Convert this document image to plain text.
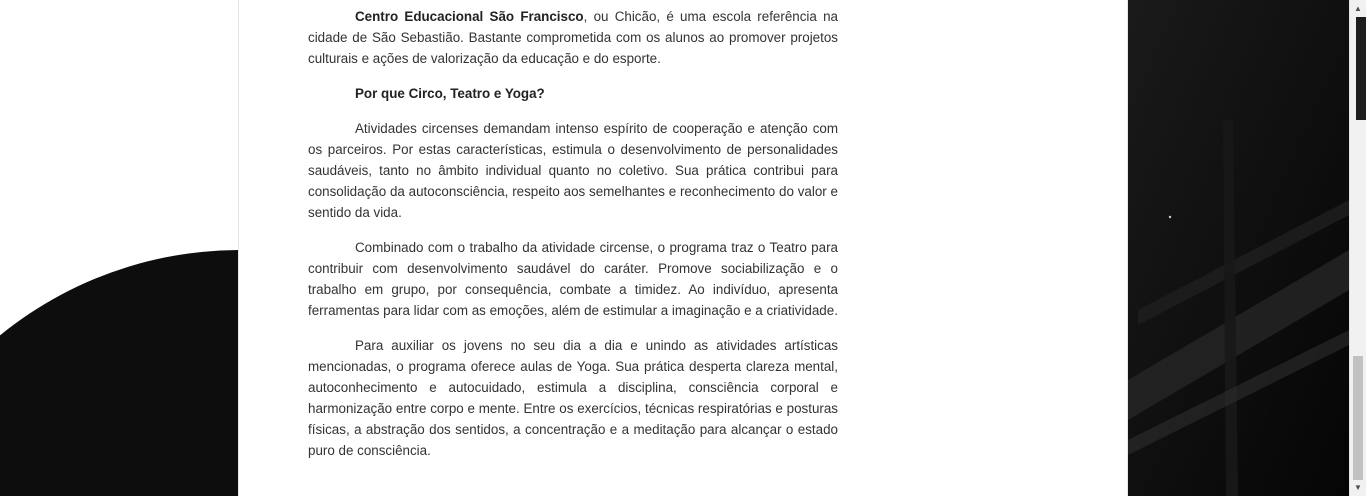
Centro Educacional São Francisco, ou Chicão, é uma escola referência na cidade de São Sebastião. Bastante comprometida com os alunos ao promover projetos culturais e ações de valorização da educação e do esporte.

Por que Circo, Teatro e Yoga?

Atividades circenses demandam intenso espírito de cooperação e atenção com os parceiros. Por estas características, estimula o desenvolvimento de personalidades saudáveis, tanto no âmbito individual quanto no coletivo. Sua prática contribui para consolidação da autoconsciência, respeito aos semelhantes e reconhecimento do valor e sentido da vida.

Combinado com o trabalho da atividade circense, o programa traz o Teatro para contribuir com desenvolvimento saudável do caráter. Promove sociabilização e o trabalho em grupo, por consequência, combate a timidez. Ao indivíduo, apresenta ferramentas para lidar com as emoções, além de estimular a imaginação e a criatividade.

Para auxiliar os jovens no seu dia a dia e unindo as atividades artísticas mencionadas, o programa oferece aulas de Yoga. Sua prática desperta clareza mental, autoconhecimento e autocuidado, estimula a disciplina, consciência corporal e harmonização entre corpo e mente. Entre os exercícios, técnicas respiratórias e posturas físicas, a abstração dos sentidos, a concentração e a meditação para alcançar o estado puro de consciência.

▲
▼
